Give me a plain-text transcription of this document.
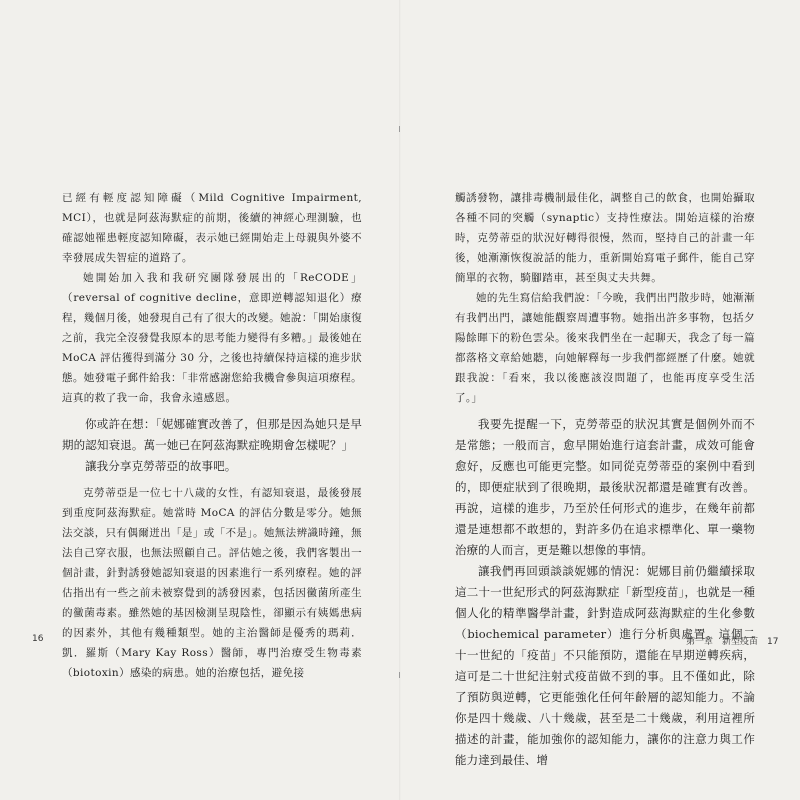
已經有輕度認知障礙（Mild Cognitive Impairment, MCI），也就是阿茲海默症的前期，後續的神經心理測驗，也確認她罹患輕度認知障礙，表示她已經開始走上母親與外婆不幸發展成失智症的道路了。

她開始加入我和我研究團隊發展出的「ReCODE」（reversal of cognitive decline，意即逆轉認知退化）療程，幾個月後，她發現自己有了很大的改變。她說：「開始康復之前，我完全沒發覺我原本的思考能力變得有多糟。」最後她在 MoCA 評估獲得到滿分 30 分，之後也持續保持這樣的進步狀態。她發電子郵件給我：「非常感謝您給我機會參與這項療程。這真的救了我一命，我會永遠感恩。

你或許在想：「妮娜確實改善了，但那是因為她只是早期的認知衰退。萬一她已在阿茲海默症晚期會怎樣呢？」

讓我分享克勞蒂亞的故事吧。

克勞蒂亞是一位七十八歲的女性，有認知衰退，最後發展到重度阿茲海默症。她當時 MoCA 的評估分數是零分。她無法交談，只有偶爾迸出「是」或「不是」。她無法辨識時鐘，無法自己穿衣服，也無法照顧自己。評估她之後，我們客製出一個計畫，針對誘發她認知衰退的因素進行一系列療程。她的評估指出有一些之前未被察覺到的誘發因素，包括因黴菌所產生的黴菌毒素。雖然她的基因檢測呈現陰性，卻顯示有姨媽患病的因素外，其他有幾種類型。她的主治醫師是優秀的瑪莉．凱．羅斯（Mary Kay Ross）醫師，專門治療受生物毒素（biotoxin）感染的病患。她的治療包括，避免接

16

觸誘發物，讓排毒機制最佳化，調整自己的飲食，也開始攝取各種不同的突觸（synaptic）支持性療法。開始這樣的治療時，克勞蒂亞的狀況好轉得很慢，然而，堅持自己的計畫一年後，她漸漸恢復說話的能力，重新開始寫電子郵件，能自己穿簡單的衣物，騎腳踏車，甚至與丈夫共舞。

她的先生寫信給我們說：「今晚，我們出門散步時，她漸漸有我們出門，讓她能觀察周遭事物。她指出許多事物，包括夕陽餘暉下的粉色雲朵。後來我們坐在一起聊天，我念了每一篇都落格文章給她聽，向她解釋每一步我們都經歷了什麼。她就跟我說：「看來，我以後應該沒問題了，也能再度享受生活了。」

我要先提醒一下，克勞蒂亞的狀況其實是個例外而不是常態；一般而言，愈早開始進行這套計畫，成效可能會愈好，反應也可能更完整。如同從克勞蒂亞的案例中看到的，即便症狀到了很晚期，最後狀況都還是確實有改善。再說，這樣的進步，乃至於任何形式的進步，在幾年前都還是連想都不敢想的，對許多仍在追求標準化、單一藥物治療的人而言，更是難以想像的事情。

讓我們再回頭談談妮娜的情況：妮娜目前仍繼續採取這二十一世紀形式的阿茲海默症「新型疫苗」，也就是一種個人化的精準醫學計畫，針對造成阿茲海默症的生化參數（biochemical parameter）進行分析與處置。這個二十一世紀的「疫苗」不只能預防，還能在早期逆轉疾病，這可是二十世紀注射式疫苗做不到的事。且不僅如此，除了預防與逆轉，它更能強化任何年齡層的認知能力。不論你是四十幾歲、八十幾歲，甚至是二十幾歲，利用這裡所描述的計畫，能加強你的認知能力，讓你的注意力與工作能力達到最佳、增

第一章　新型疫苗　17
